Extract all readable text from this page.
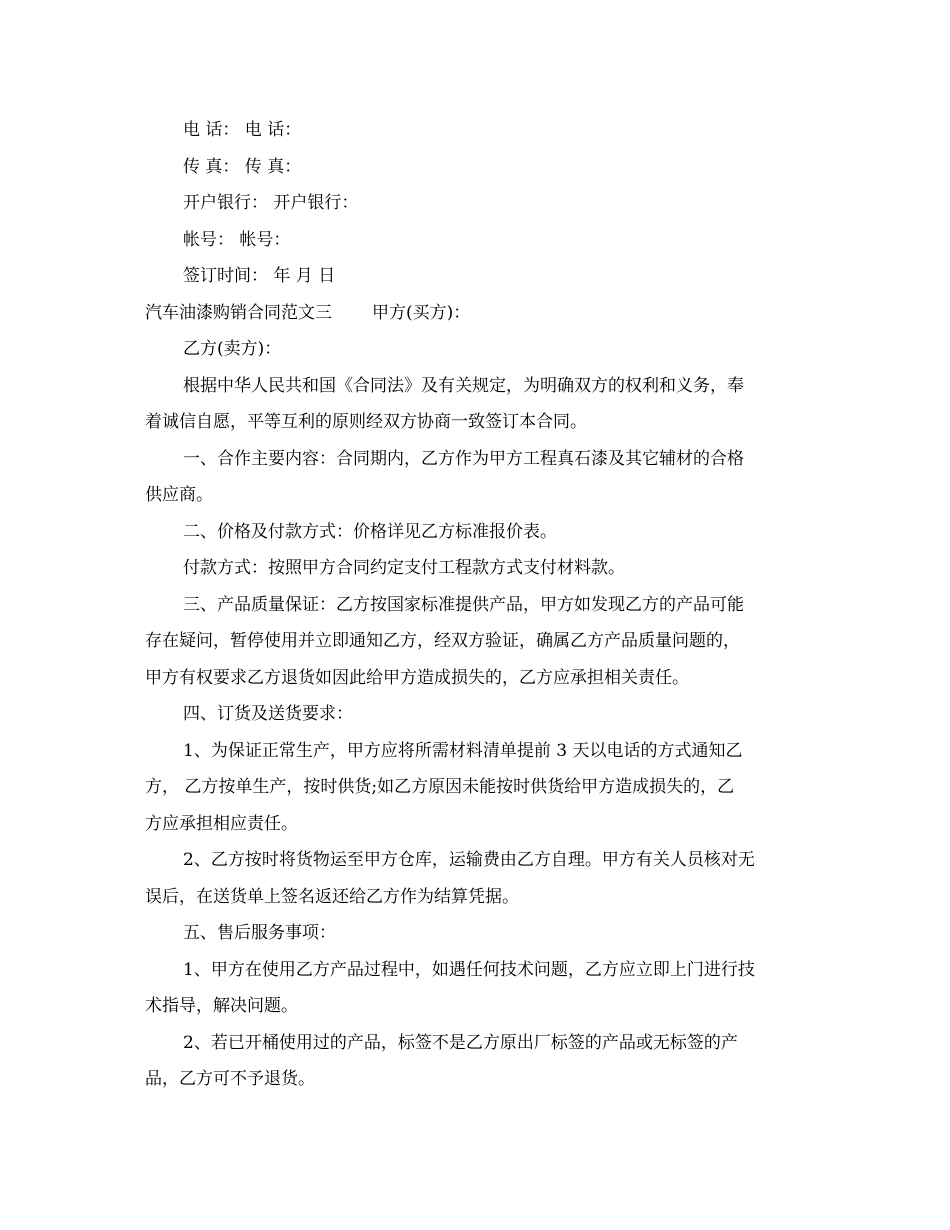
电 话： 电 话：

传 真： 传 真：

开户银行： 开户银行：

帐号： 帐号：

签订时间： 年 月 日

汽车油漆购销合同范文三 甲方(买方)：

乙方(卖方)：

根据中华人民共和国《合同法》及有关规定，为明确双方的权利和义务，奉

着诚信自愿，平等互利的原则经双方协商一致签订本合同。

一、合作主要内容：合同期内，乙方作为甲方工程真石漆及其它辅材的合格

供应商。

二、价格及付款方式：价格详见乙方标准报价表。

付款方式：按照甲方合同约定支付工程款方式支付材料款。

三、产品质量保证：乙方按国家标准提供产品，甲方如发现乙方的产品可能

存在疑问，暂停使用并立即通知乙方，经双方验证，确属乙方产品质量问题的，

甲方有权要求乙方退货如因此给甲方造成损失的，乙方应承担相关责任。

四、订货及送货要求：

1、为保证正常生产，甲方应将所需材料清单提前 3 天以电话的方式通知乙

方， 乙方按单生产，按时供货;如乙方原因未能按时供货给甲方造成损失的，乙

方应承担相应责任。

2、乙方按时将货物运至甲方仓库，运输费由乙方自理。甲方有关人员核对无

误后，在送货单上签名返还给乙方作为结算凭据。

五、售后服务事项：

1、甲方在使用乙方产品过程中，如遇任何技术问题，乙方应立即上门进行技

术指导，解决问题。

2、若已开桶使用过的产品，标签不是乙方原出厂标签的产品或无标签的产

品，乙方可不予退货。
